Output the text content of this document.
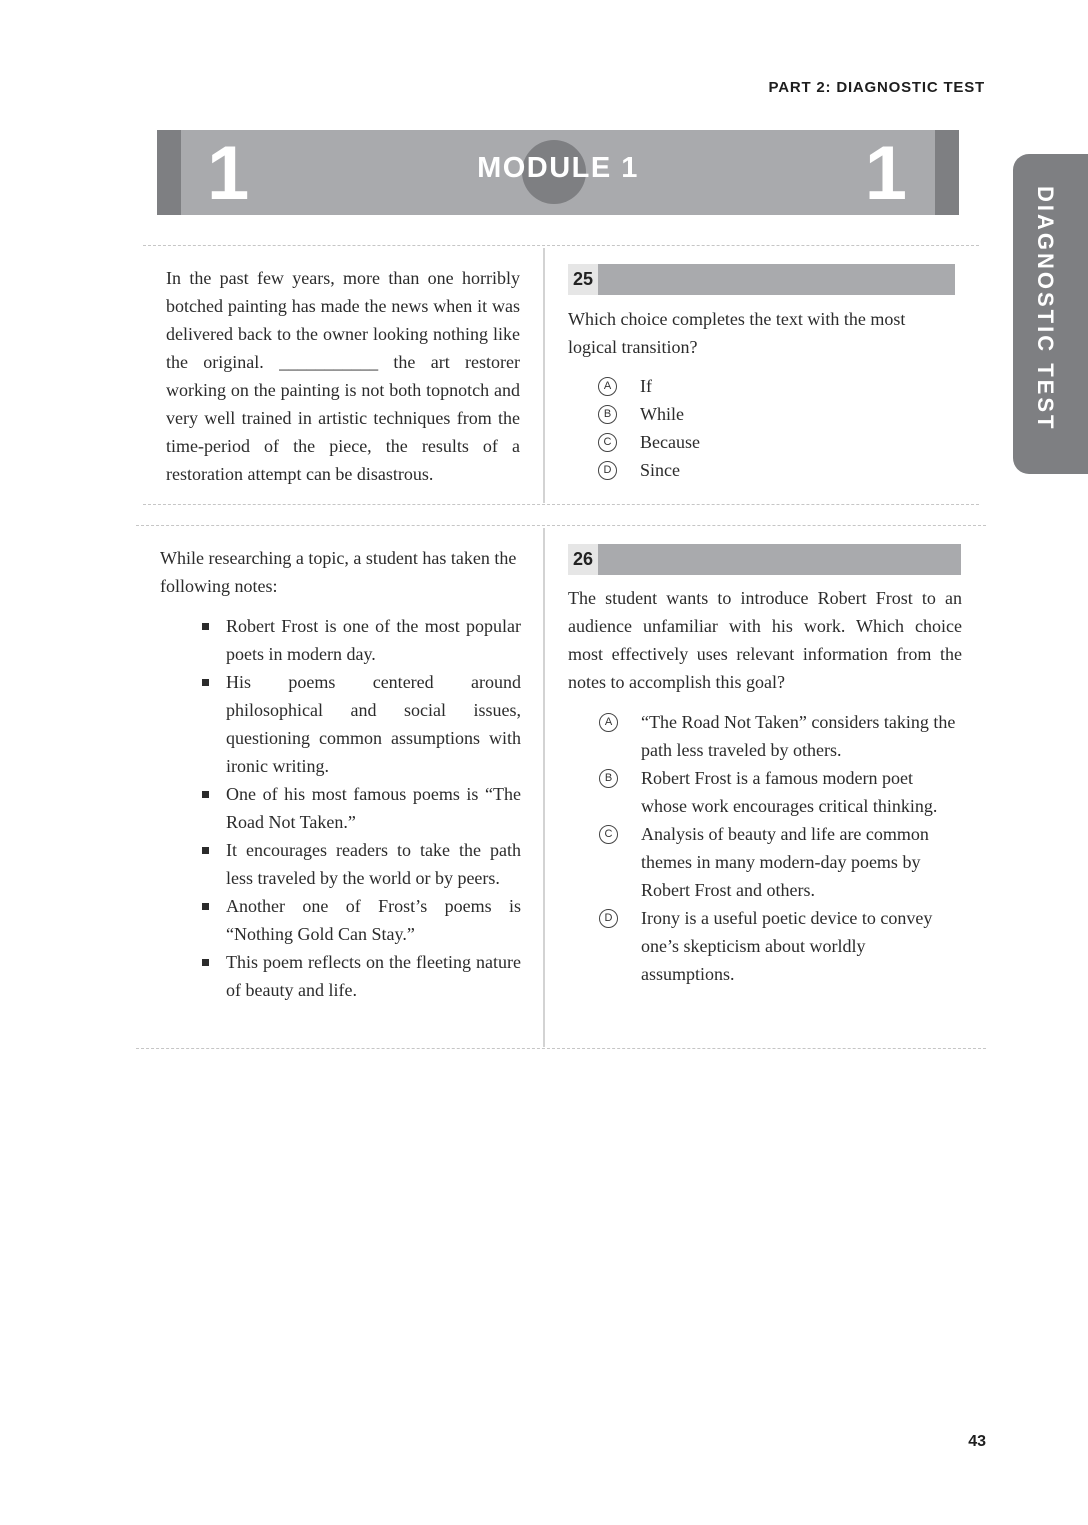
PART 2: DIAGNOSTIC TEST
1	1
MODULE 1
DIAGNOSTIC TEST

In the past few years, more than one horribly botched painting has made the news when it was delivered back to the owner looking nothing like the original. ___________ the art restorer working on the painting is not both topnotch and very well trained in artistic techniques from the time-period of the piece, the results of a restoration attempt can be disastrous.

25

Which choice completes the text with the most logical transition?

A	If
B	While
C	Because
D	Since

While researching a topic, a student has taken the following notes:

Robert Frost is one of the most popular poets in modern day.
His poems centered around philosophical and social issues, questioning common assumptions with ironic writing.
One of his most famous poems is “The Road Not Taken.”
It encourages readers to take the path less traveled by the world or by peers.
Another one of Frost’s poems is “Nothing Gold Can Stay.”
This poem reflects on the fleeting nature of beauty and life.
26

The student wants to introduce Robert Frost to an audience unfamiliar with his work. Which choice most effectively uses relevant information from the notes to accomplish this goal?

A	“The Road Not Taken” considers taking the path less traveled by others.
B	Robert Frost is a famous modern poet whose work encourages critical thinking.
C	Analysis of beauty and life are common themes in many modern-day poems by Robert Frost and others.
D	Irony is a useful poetic device to convey one’s skepticism about worldly assumptions.
43
